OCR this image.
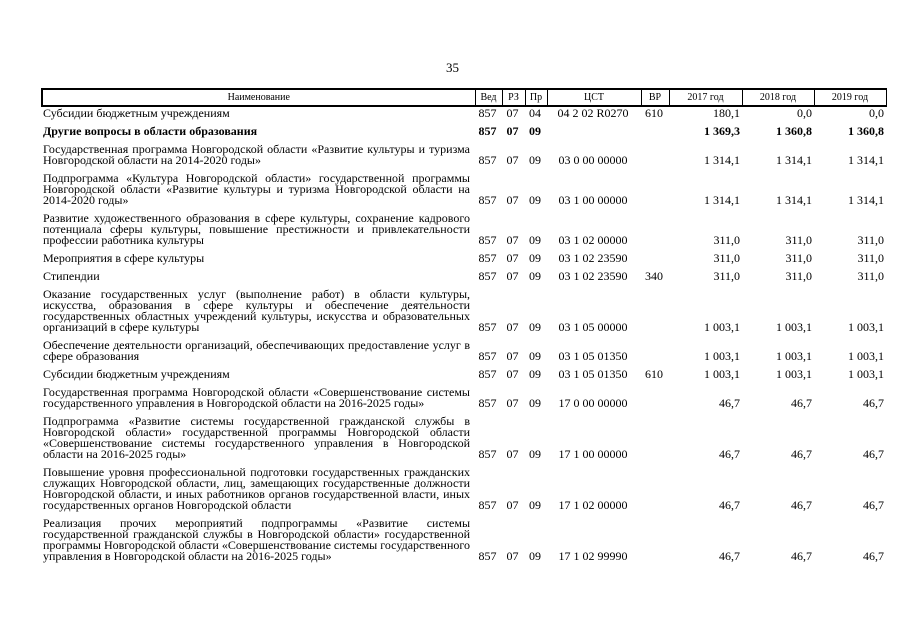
35
Наименование	Вед	РЗ	Пр	ЦСТ	ВР	2017 год	2018 год	2019 год
Субсидии бюджетным учреждениям	857	07	04	04 2 02 R0270	610	180,1	0,0	0,0
Другие вопросы в области образования	857	07	09			1 369,3	1 360,8	1 360,8
Государственная программа Новгородской области «Развитие культуры и туризма Новгородской области на 2014-2020 годы»	857	07	09	03 0 00 00000		1 314,1	1 314,1	1 314,1
Подпрограмма «Культура Новгородской области» государственной программы Новгородской области «Развитие культуры и туризма Новгородской области на 2014-2020 годы»	857	07	09	03 1 00 00000		1 314,1	1 314,1	1 314,1
Развитие художественного образования в сфере культуры, сохранение кадрового потенциала сферы культуры, повышение престижности и привлекательности профессии работника культуры	857	07	09	03 1 02 00000		311,0	311,0	311,0
Мероприятия в сфере культуры	857	07	09	03 1 02 23590		311,0	311,0	311,0
Стипендии	857	07	09	03 1 02 23590	340	311,0	311,0	311,0
Оказание государственных услуг (выполнение работ) в области культуры, искусства, образования в сфере культуры и обеспечение деятельности государственных областных учреждений культуры, искусства и образовательных организаций в сфере культуры	857	07	09	03 1 05 00000		1 003,1	1 003,1	1 003,1
Обеспечение деятельности организаций, обеспечивающих предоставление услуг в сфере образования	857	07	09	03 1 05 01350		1 003,1	1 003,1	1 003,1
Субсидии бюджетным учреждениям	857	07	09	03 1 05 01350	610	1 003,1	1 003,1	1 003,1
Государственная программа Новгородской области «Совершенствование системы государственного управления в Новгородской области на 2016-2025 годы»	857	07	09	17 0 00 00000		46,7	46,7	46,7
Подпрограмма «Развитие системы государственной гражданской службы в Новгородской области» государственной программы Новгородской области «Совершенствование системы государственного управления в Новгородской области на 2016-2025 годы»	857	07	09	17 1 00 00000		46,7	46,7	46,7
Повышение уровня профессиональной подготовки государственных гражданских служащих Новгородской области, лиц, замещающих государственные должности Новгородской области, и иных работников органов государственной власти, иных государственных органов Новгородской области	857	07	09	17 1 02 00000		46,7	46,7	46,7
Реализация прочих мероприятий подпрограммы «Развитие системы государственной гражданской службы в Новгородской области» государственной программы Новгородской области «Совершенствование системы государственного управления в Новгородской области на 2016-2025 годы»	857	07	09	17 1 02 99990		46,7	46,7	46,7
